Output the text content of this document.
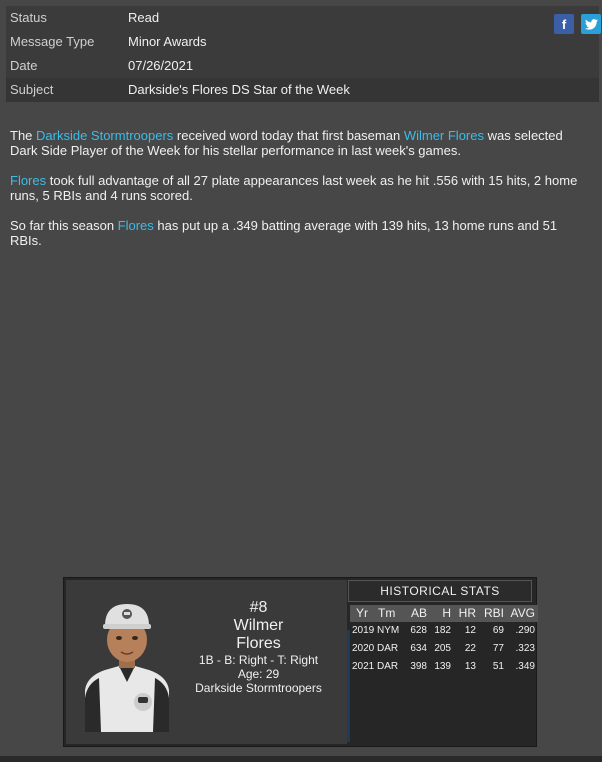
Status	Read
Message Type	Minor Awards
Date	07/26/2021
Subject	Darkside's Flores DS Star of the Week
f

The Darkside Stormtroopers received word today that first baseman Wilmer Flores was selected Dark Side Player of the Week for his stellar performance in last week's games.

Flores took full advantage of all 27 plate appearances last week as he hit .556 with 15 hits, 2 home runs, 5 RBIs and 4 runs scored.

So far this season Flores has put up a .349 batting average with 139 hits, 13 home runs and 51 RBIs.

#8
Wilmer
Flores
1B - B: Right - T: Right
Age: 29
Darkside Stormtroopers
HISTORICAL STATS
Yr Tm AB H HR RBI AVG
2019 NYM 628 182 12 69 .290
2020 DAR 634 205 22 77 .323
2021 DAR 398 139 13 51 .349
